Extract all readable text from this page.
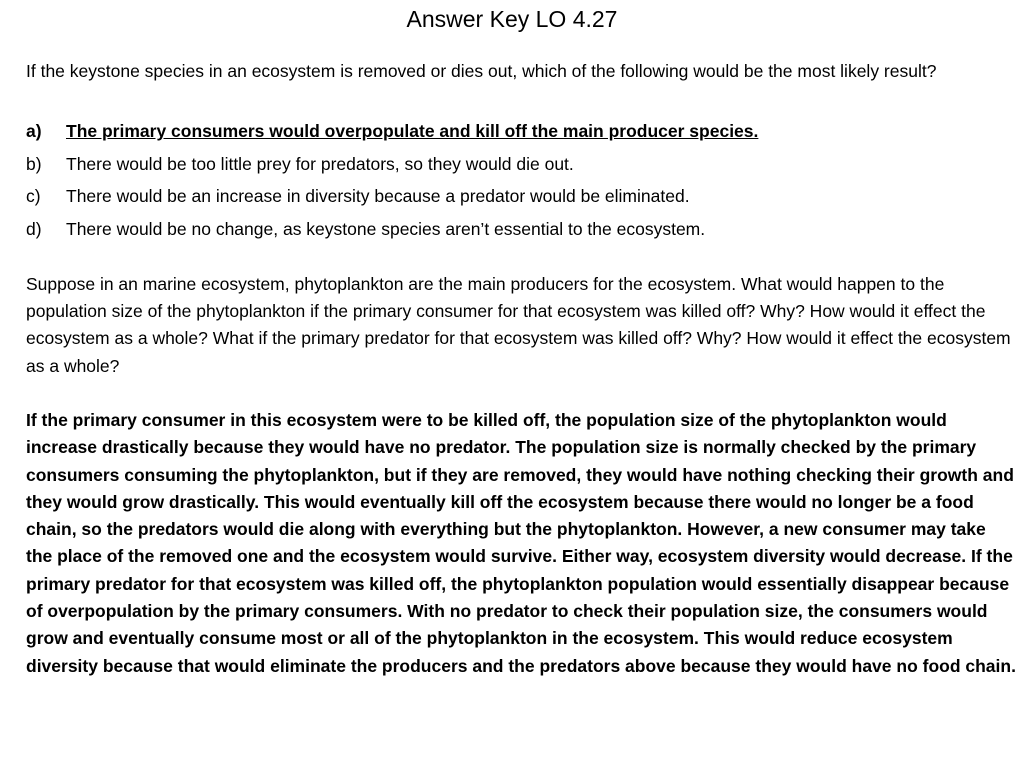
Answer Key LO 4.27
If the keystone species in an ecosystem is removed or dies out, which of the following would be the most likely result?
a)	The primary consumers would overpopulate and kill off the main producer species.
b)	There would be too little prey for predators, so they would die out.
c)	There would be an increase in diversity because a predator would be eliminated.
d)	There would be no change, as keystone species aren’t essential to the ecosystem.
Suppose in an marine ecosystem, phytoplankton are the main producers for the ecosystem. What would happen to the population size of the phytoplankton if the primary consumer for that ecosystem was killed off? Why? How would it effect the ecosystem as a whole? What if the primary predator for that ecosystem was killed off? Why? How would it effect the ecosystem as a whole?
If the primary consumer in this ecosystem were to be killed off, the population size of the phytoplankton would increase drastically because they would have no predator. The population size is normally checked by the primary consumers consuming the phytoplankton, but if they are removed, they would have nothing checking their growth and they would grow drastically. This would eventually kill off the ecosystem because there would no longer be a food chain, so the predators would die along with everything but the phytoplankton. However, a new consumer may take the place of the removed one and the ecosystem would survive. Either way, ecosystem diversity would decrease. If the primary predator for that ecosystem was killed off, the phytoplankton population would essentially disappear because of overpopulation by the primary consumers. With no predator to check their population size, the consumers would grow and eventually consume most or all of the phytoplankton in the ecosystem. This would reduce ecosystem diversity because that would eliminate the producers and the predators above because they would have no food chain.
